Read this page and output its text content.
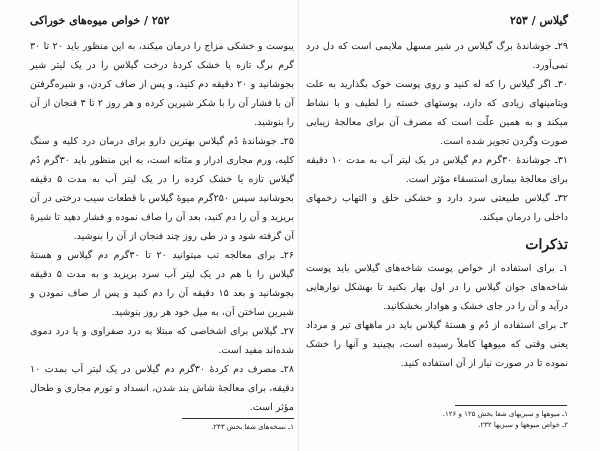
گیلاس / ۲۵۳

۲۹ـ جوشاندهٔ برگ گیلاس در شیر مسهل ملایمی است که دل درد نمی‌آورد.

۳۰ـ اگر گیلاس را که له کنید و روی پوست خوک بگذارید به علت ویتامینهای زیادی که دارد، پوستهای خسته را لطیف و با نشاط میکند و به همین علّت است که مصرف آن برای معالجهٔ زیبایی صورت وگردن تجویز شده است.

۳۱ـ جوشاندهٔ ۳۰گرم دم گیلاس در یک لیتر آب به مدت ۱۰ دقیقه برای معالجهٔ بیماری استسقاء مؤثر است.

۳۲ـ گیلاس طبیعتی سرد دارد و خشکی حلق و التهاب زخمهای داخلی را درمان میکند.

تذکرات

۱ـ برای استفاده از خواص پوست شاخه‌های گیلاس باید پوست شاخه‌های جوان گیلاس را در اول بهار بکنید تا بهشکل نوارهایی درآید و آن را در جای خشک و هوادار بخشکانید.

۲ـ برای استفاده از دُم و هستهٔ گیلاس باید در ماههای تیر و مرداد یعنی وقتی که میوهها کاملاً رسیده است، بچینید و آنها را خشک نموده تا در صورت نیاز از آن استفاده کنید.

۱ـ میوهها و سبزیهای شفا بخش ۱۲۵ و ۱۲۶.
۲ـ خواص میوهها و سبزیها ۲۳۲.
۲۵۲ / خواص میوه‌های خوراکی

یبوست و خشکی مزاج را درمان میکند، به این منظور باید ۲۰ تا ۳۰ گرم برگ تازه یا خشک کردهٔ درخت گیلاس را در یک لیتر شیر بجوشانید و ۲۰ دقیقه دم کنید، و پس از صاف کردن، و شیره‌گرفتن آن با فشار آن را با شکر شیرین کرده و هر روز ۲ تا ۳ فنجان از آن را بنوشید.

۲۵ـ جوشاندهٔ دُم گیلاس بهترین دارو برای درمان درد کلیه و سنگ کلیه، ورم مجاری ادرار و مثانه است، به این منظور باید ۳۰گرم دُم گیلاس تازه یا خشک کرده را در یک لیتر آب به مدت ۵ دقیقه بجوشانید سپس ۲۵۰گرم میوهٔ گیلاس با قطعات سیب درختی در آن بریزید و آن را دم کنید، بعد آن را صاف نموده و فشار دهید تا شیرهٔ آن گرفته شود و در طی روز چند فنجان از آن را بنوشید.

۲۶ـ برای معالجه تب میتوانید ۲۰ تا ۳۰گرم دم گیلاس و هستهٔ گیلاس را با هم در یک لیتر آب سرد بریزید و به مدت ۵ دقیقه بجوشانید و بعد ۱۵ دقیقه آن را دم کنید و پس از صاف نمودن و شیرین ساختن آن، به میل خود هر روز بنوشید.

۲۷ـ گیلاس برای اشخاصی که مبتلا به درد صفراوی و یا درد دموی شده‌اند مفید است.

۲۸ـ مصرف دم کردهٔ ۳۰گرم دم گیلاس در یک لیتر آب بمدت ۱۰ دقیقه، برای معالجهٔ شاش بند شدن، انسداد و تورم مجاری و طحال مؤثر است.

۱ـ نسخه‌های شفا بخش ۲۴۳.
